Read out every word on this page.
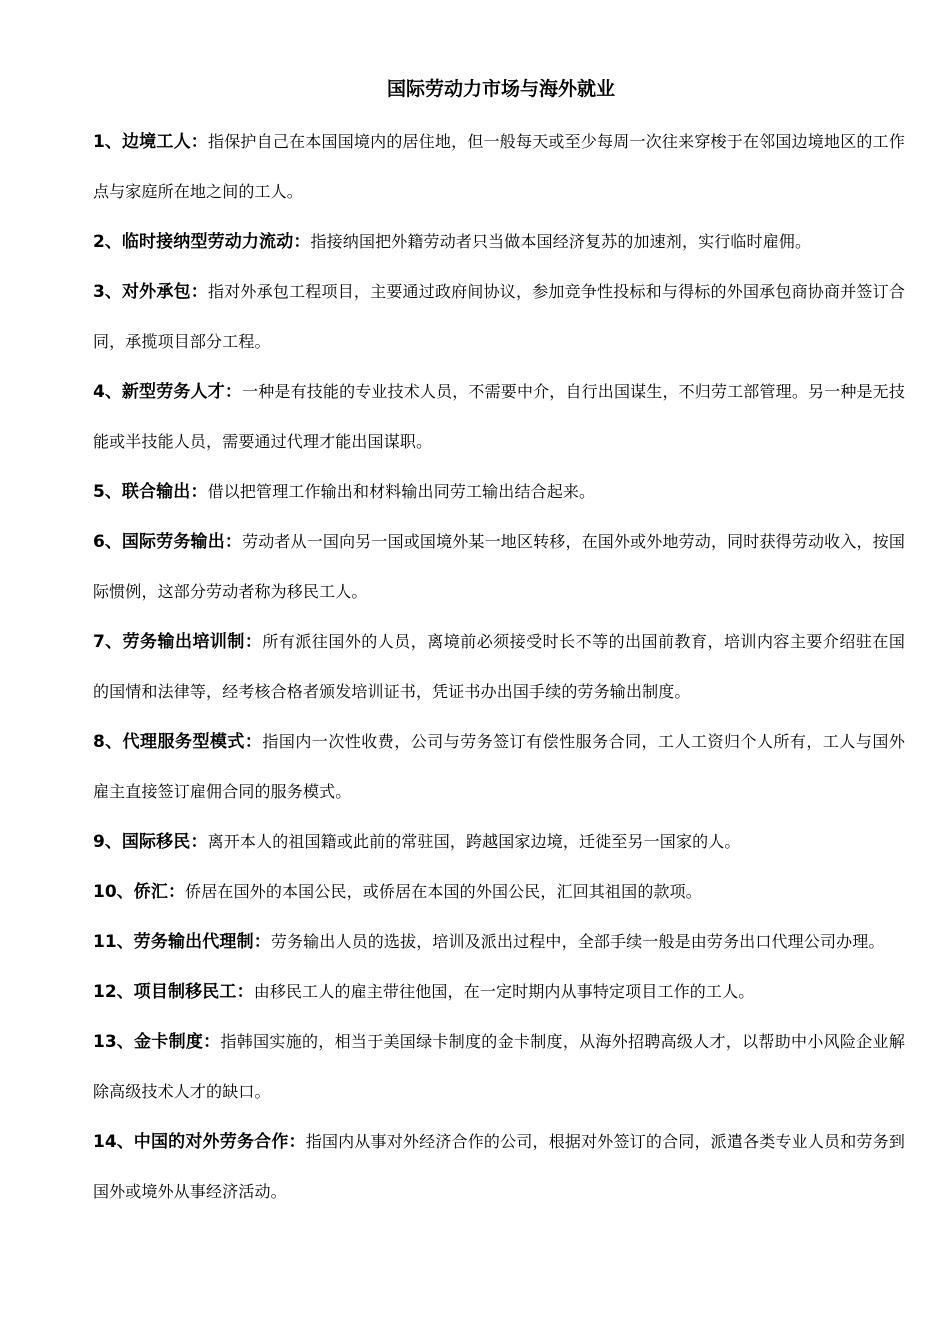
国际劳动力市场与海外就业

1、边境工人：指保护自己在本国国境内的居住地，但一般每天或至少每周一次往来穿梭于在邻国边境地区的工作点与家庭所在地之间的工人。

2、临时接纳型劳动力流动：指接纳国把外籍劳动者只当做本国经济复苏的加速剂，实行临时雇佣。

3、对外承包：指对外承包工程项目，主要通过政府间协议，参加竞争性投标和与得标的外国承包商协商并签订合同，承揽项目部分工程。

4、新型劳务人才：一种是有技能的专业技术人员，不需要中介，自行出国谋生，不归劳工部管理。另一种是无技能或半技能人员，需要通过代理才能出国谋职。

5、联合输出：借以把管理工作输出和材料输出同劳工输出结合起来。

6、国际劳务输出：劳动者从一国向另一国或国境外某一地区转移，在国外或外地劳动，同时获得劳动收入，按国际惯例，这部分劳动者称为移民工人。

7、劳务输出培训制：所有派往国外的人员，离境前必须接受时长不等的出国前教育，培训内容主要介绍驻在国的国情和法律等，经考核合格者颁发培训证书，凭证书办出国手续的劳务输出制度。

8、代理服务型模式：指国内一次性收费，公司与劳务签订有偿性服务合同，工人工资归个人所有，工人与国外雇主直接签订雇佣合同的服务模式。

9、国际移民：离开本人的祖国籍或此前的常驻国，跨越国家边境，迁徙至另一国家的人。

10、侨汇：侨居在国外的本国公民，或侨居在本国的外国公民，汇回其祖国的款项。

11、劳务输出代理制：劳务输出人员的选拔，培训及派出过程中，全部手续一般是由劳务出口代理公司办理。

12、项目制移民工：由移民工人的雇主带往他国，在一定时期内从事特定项目工作的工人。

13、金卡制度：指韩国实施的，相当于美国绿卡制度的金卡制度，从海外招聘高级人才，以帮助中小风险企业解除高级技术人才的缺口。

14、中国的对外劳务合作：指国内从事对外经济合作的公司，根据对外签订的合同，派遣各类专业人员和劳务到国外或境外从事经济活动。
